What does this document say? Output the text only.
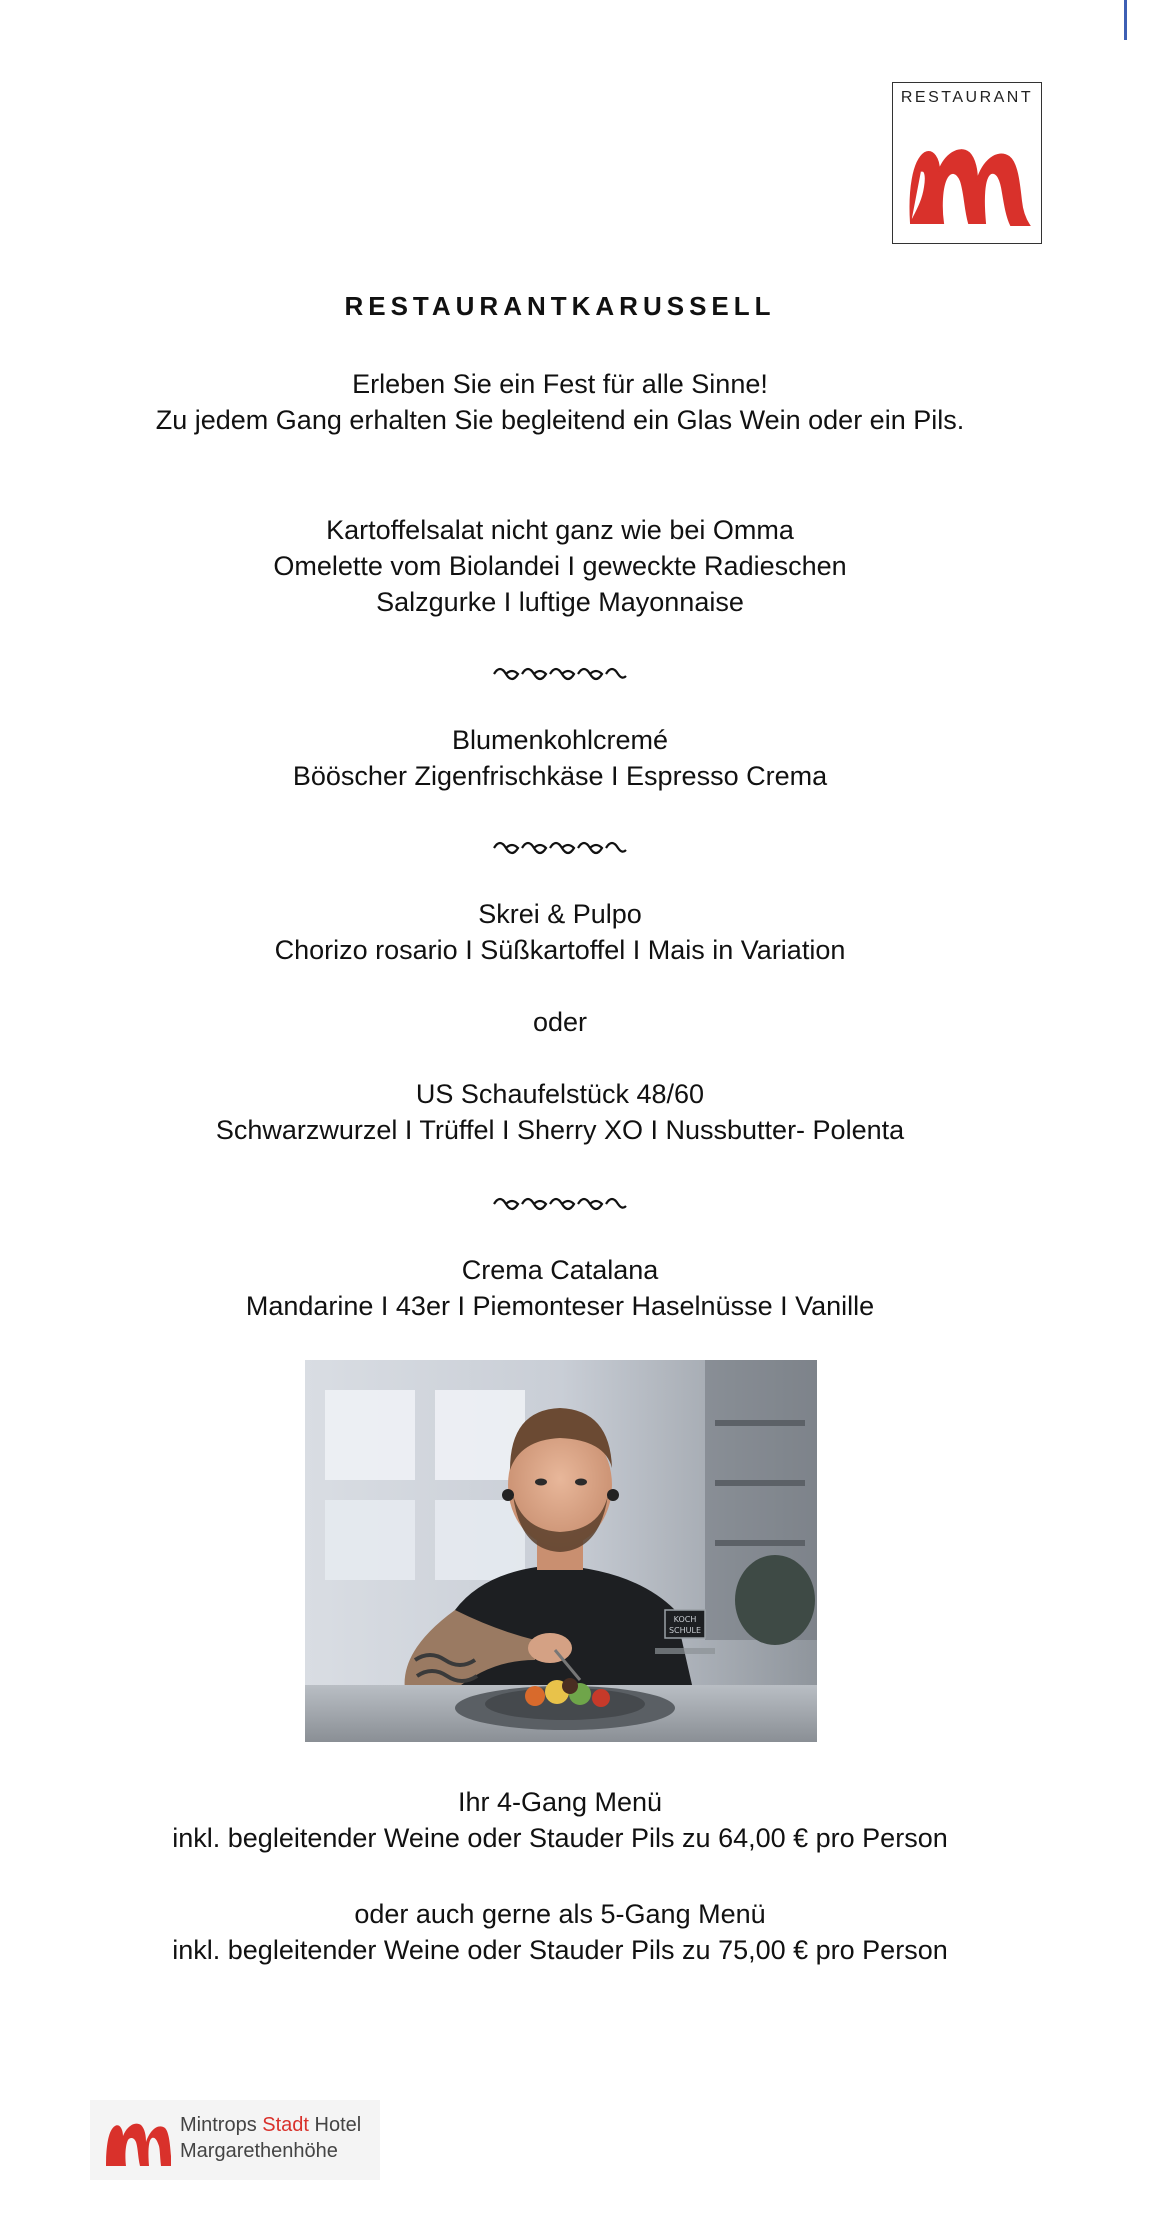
RESTAURANT
RESTAURANTKARUSSELL
Erleben Sie ein Fest für alle Sinne!
Zu jedem Gang erhalten Sie begleitend ein Glas Wein oder ein Pils.
Kartoffelsalat nicht ganz wie bei Omma
Omelette vom Biolandei I geweckte Radieschen
Salzgurke I luftige Mayonnaise
Blumenkohlcremé
Bööscher Zigenfrischkäse I Espresso Crema
Skrei & Pulpo
Chorizo rosario I Süßkartoffel I Mais in Variation
oder
US Schaufelstück 48/60
Schwarzwurzel I Trüffel I Sherry XO I Nussbutter- Polenta
Crema Catalana
Mandarine I 43er I Piemonteser Haselnüsse I Vanille
KOCH
SCHULE
Ihr 4-Gang Menü
inkl. begleitender Weine oder Stauder Pils zu 64,00 € pro Person
oder auch gerne als 5-Gang Menü
inkl. begleitender Weine oder Stauder Pils zu 75,00 € pro Person
Mintrops Stadt Hotel
Margarethenhöhe
